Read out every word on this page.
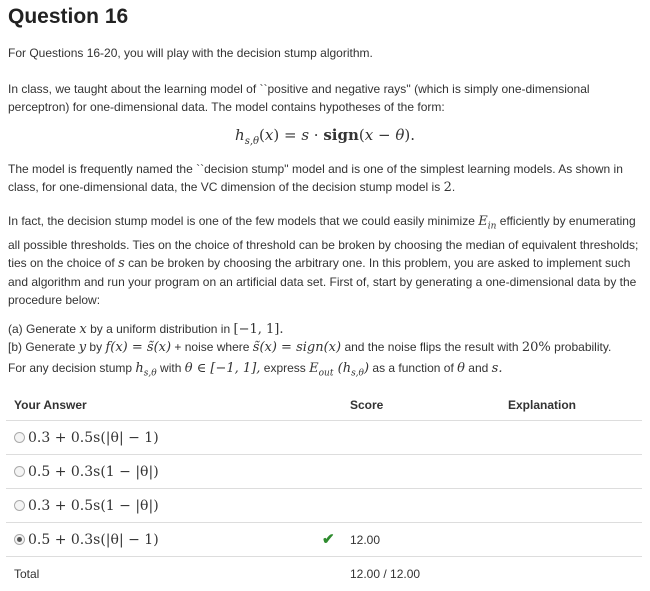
Question 16

For Questions 16-20, you will play with the decision stump algorithm.

In class, we taught about the learning model of ``positive and negative rays'' (which is simply one-dimensional perceptron) for one-dimensional data. The model contains hypotheses of the form:

$h_{s,\theta}(x) = s$ · sign(x − θ).

The model is frequently named the ``decision stump'' model and is one of the simplest learning models. As shown in class, for one-dimensional data, the VC dimension of the decision stump model is 2.

In fact, the decision stump model is one of the few models that we could easily minimize $E_{in}$ efficiently by enumerating all possible thresholds. Ties on the choice of threshold can be broken by choosing the median of equivalent thresholds; ties on the choice of s can be broken by choosing the arbitrary one. In this problem, you are asked to implement such and algorithm and run your program on an artificial data set. First of, start by generating a one-dimensional data by the procedure below:

(a) Generate x by a uniform distribution in [−1, 1].

[b) Generate y by f(x) = s̃(x) + noise where s̃(x) = sign(x) and the noise flips the result with 20% probability.

For any decision stump $h_{s,\theta}$ with θ ∈ [−1, 1], express $E_{out}$ $(h_{s,\theta})$ as a function of θ and s.

Your Answer		Score	Explanation
0.3 + 0.5s(|θ| − 1)			
0.5 + 0.3s(1 − |θ|)			
0.3 + 0.5s(1 − |θ|)			
0.5 + 0.3s(|θ| − 1)	✔	12.00	
Total		12.00 / 12.00	
